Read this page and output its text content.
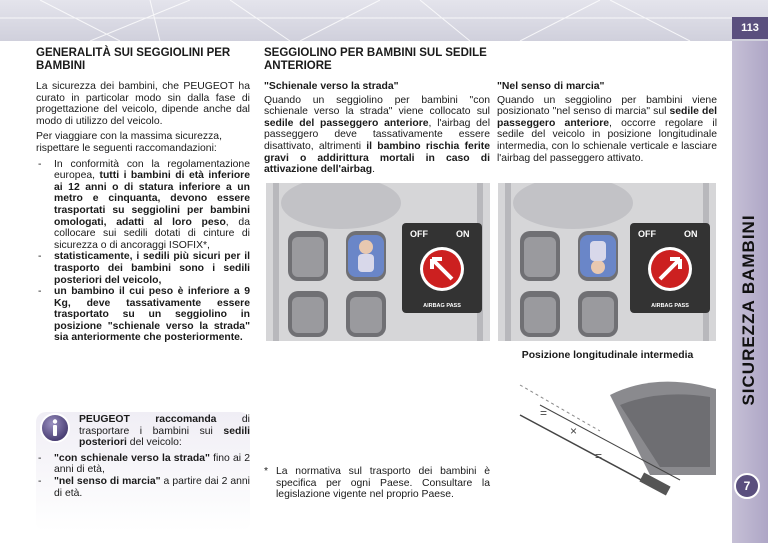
113
SICUREZZA BAMBINI
7
GENERALITÀ SUI SEGGIOLINI PER BAMBINI

La sicurezza dei bambini, che PEUGEOT ha curato in particolar modo sin dalla fase di progettazione del veicolo, dipende anche dal modo di utilizzo del veicolo.

Per viaggiare con la massima sicurezza, rispettare le seguenti raccomandazioni:

- In conformità con la regolamentazione europea, tutti i bambini di età inferiore ai 12 anni o di statura inferiore a un metro e cinquanta, devono essere trasportati su seggiolini per bambini omologati, adatti al loro peso, da collocare sui sedili dotati di cinture di sicurezza o di ancoraggi ISOFIX*,
- statisticamente, i sedili più sicuri per il trasporto dei bambini sono i sedili posteriori del veicolo,
- un bambino il cui peso è inferiore a 9 Kg, deve tassativamente essere trasportato su un seggiolino in posizione "schienale verso la strada" sia anteriormente che posteriormente.

PEUGEOT raccomanda di trasportare i bambini sui sedili posteriori del veicolo:

- "con schienale verso la strada" fino ai 2 anni di età,
- "nel senso di marcia" a partire dai 2 anni di età.
SEGGIOLINO PER BAMBINI SUL SEDILE ANTERIORE

"Schienale verso la strada"

Quando un seggiolino per bambini "con schienale verso la strada" viene collocato sul sedile del passeggero anteriore, l'airbag del passeggero deve tassativamente essere disattivato, altrimenti il bambino rischia ferite gravi o addirittura mortali in caso di attivazione dell'airbag.

"Nel senso di marcia"

Quando un seggiolino per bambini viene posizionato "nel senso di marcia" sul sedile del passeggero anteriore, occorre regolare il sedile del veicolo in posizione longitudinale intermedia, con lo schienale verticale e lasciare l'airbag del passeggero attivato.

OFF	ON
AIRBAG PASS
OFF	ON
AIRBAG PASS
Posizione longitudinale intermedia
=
×
=
* La normativa sul trasporto dei bambini è specifica per ogni Paese. Consultare la legislazione vigente nel proprio Paese.
